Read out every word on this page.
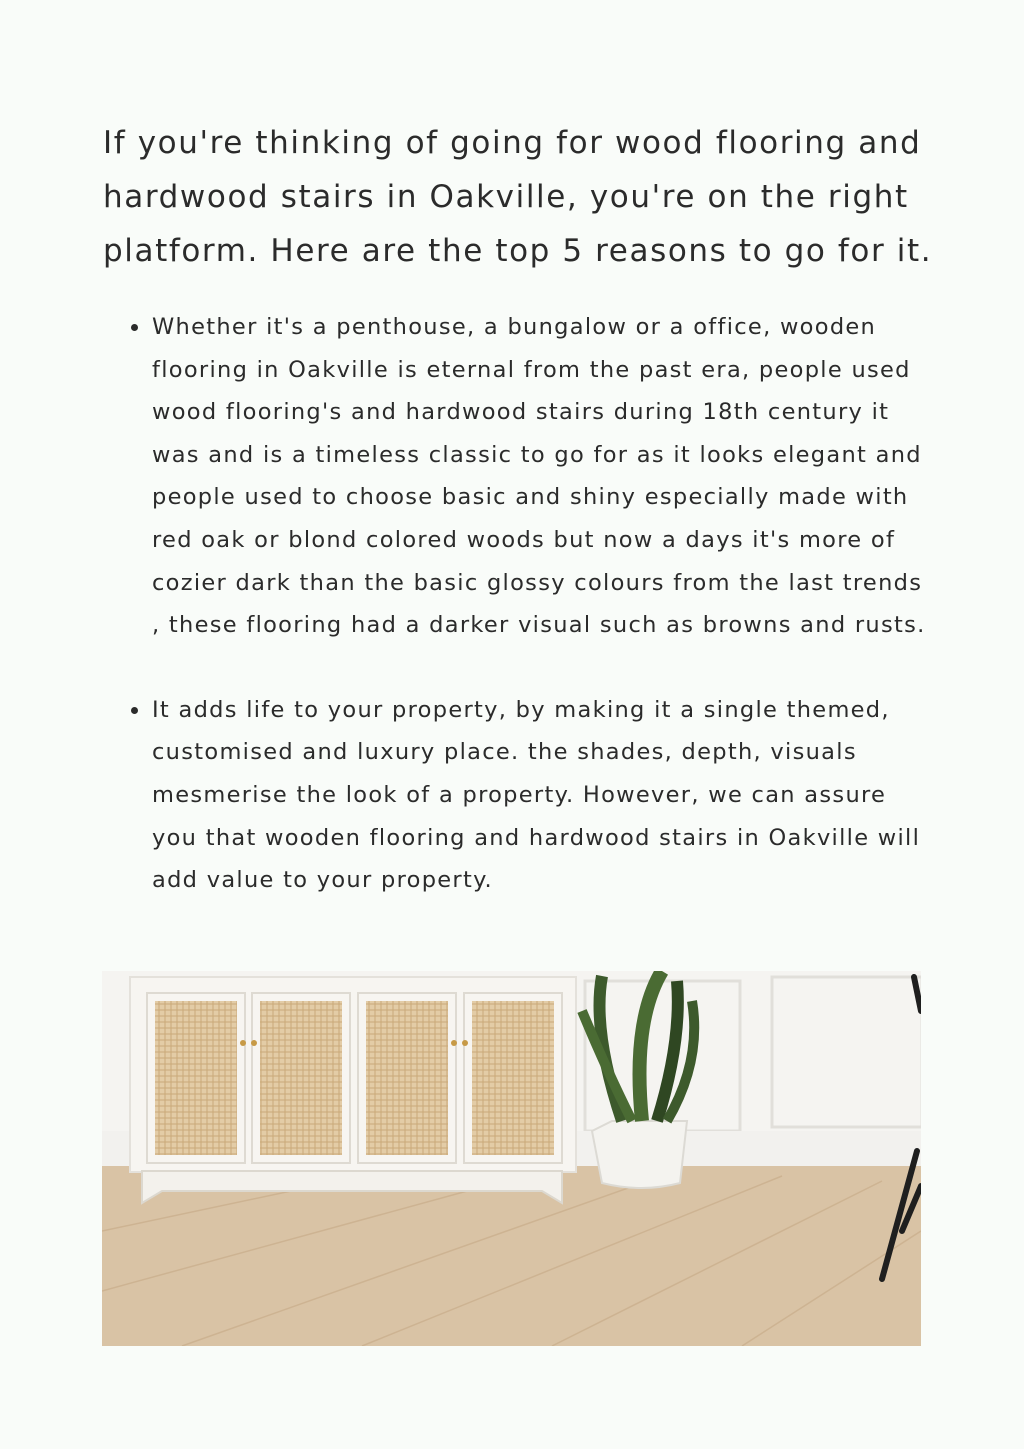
If you're thinking of going for wood flooring and hardwood stairs in Oakville, you're on the right platform. Here are the top 5 reasons to go for it.

Whether it's a penthouse, a bungalow or a office, wooden flooring in Oakville is eternal from the past era, people used wood flooring's and hardwood stairs during 18th century it was and is a timeless classic to go for as it looks elegant and people used to choose basic and shiny especially made with red oak or blond colored woods but now a days it's more of cozier dark than the basic glossy colours from the last trends , these flooring had a darker visual such as browns and rusts.
It adds life to your property, by making it a single themed, customised and luxury place. the shades, depth, visuals mesmerise the look of a property. However, we can assure you that wooden flooring and hardwood stairs in Oakville will add value to your property.
